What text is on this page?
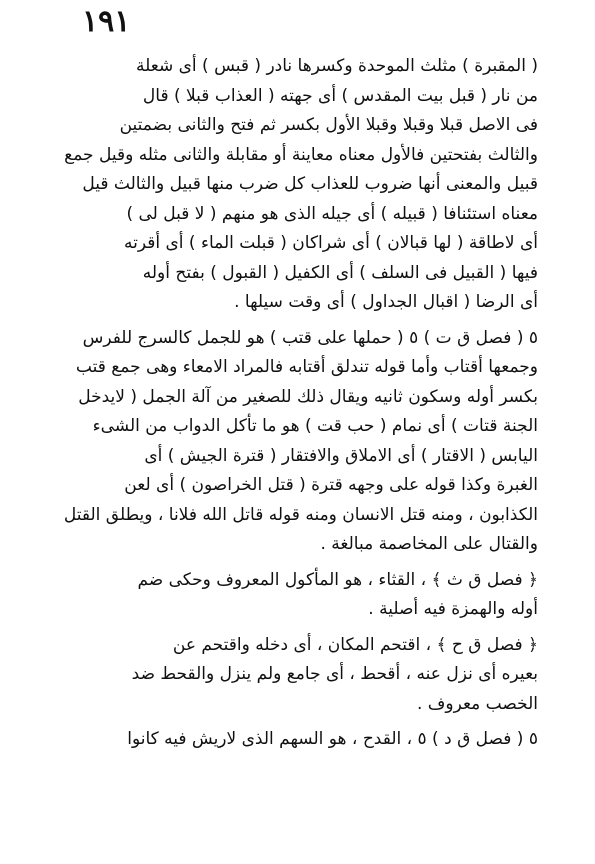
١٩١
( المقبرة ) مثلث الموحدة وكسرها نادر ( قبس ) أى شعلة
من نار ( قبل بيت المقدس ) أى جهته ( العذاب قبلا ) قال
فى الاصل قبلا وقبلا وقبلا الأول بكسر ثم فتح والثانى بضمتين
والثالث بفتحتين فالأول معناه معاينة أو مقابلة والثانى مثله وقيل جمع
قبيل والمعنى أنها ضروب للعذاب كل ضرب منها قبيل والثالث قيل
معناه استئنافا ( قبيله ) أى جيله الذى هو منهم ( لا قبل لى )
أى لاطاقة ( لها قبالان ) أى شراكان ( قبلت الماء ) أى أقرته
فيها ( القبيل فى السلف ) أى الكفيل ( القبول ) بفتح أوله
أى الرضا ( اقبال الجداول ) أى وقت سيلها .
٥ ( فصل ق ت ) ٥ ( حملها على قتب ) هو للجمل كالسرج للفرس
وجمعها أقتاب وأما قوله تندلق أقتابه فالمراد الامعاء وهى جمع قتب
بكسر أوله وسكون ثانيه ويقال ذلك للصغير من آلة الجمل ( لايدخل
الجنة قتات ) أى نمام ( حب قت ) هو ما تأكل الدواب من الشىء
اليابس ( الاقتار ) أى الاملاق والافتقار ( قترة الجيش ) أى
الغبرة وكذا قوله على وجهه قترة ( قتل الخراصون ) أى لعن
الكذابون ، ومنه قتل الانسان ومنه قوله قاتل الله فلانا ، ويطلق القتل
والقتال على المخاصمة مبالغة .
﴿ فصل ق ث ﴾ ، القثاء ، هو المأكول المعروف وحكى ضم
أوله والهمزة فيه أصلية .
﴿ فصل ق ح ﴾ ، اقتحم المكان ، أى دخله واقتحم عن
بعيره أى نزل عنه ، أقحط ، أى جامع ولم ينزل والقحط ضد
الخصب معروف .
٥ ( فصل ق د ) ٥ ، القدح ، هو السهم الذى لاريش فيه كانوا
